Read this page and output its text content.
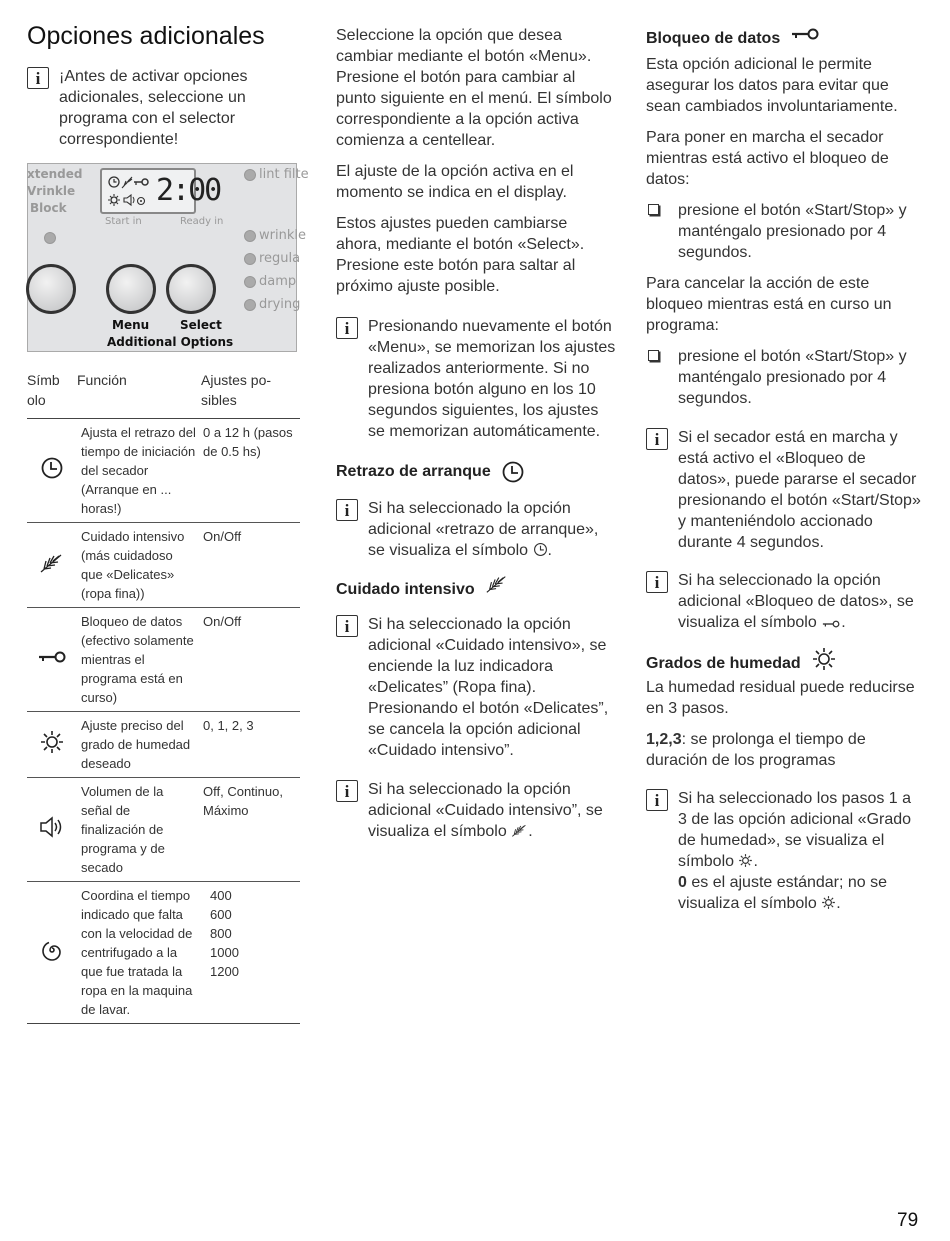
Opciones adicionales
i	¡Antes de activar opciones adicionales, seleccione un programa con el selector correspondiente!
xtended
Vrinkle
Block	2:00
Start in	Ready in
lint filte
wrinkle
regula
damp
drying
Menu	Select
Additional Options
Símb olo	Función	Ajustes po- sibles
	Ajusta el retrazo del tiempo de iniciación del secador (Arranque en ... horas!)	0 a 12 h (pasos de 0.5 hs)
	Cuidado intensivo (más cuidadoso que «Delicates» (ropa fina))	On/Off
	Bloqueo de datos (efectivo solamente mientras el programa está en curso)	On/Off
	Ajuste preciso del grado de humedad deseado	0, 1, 2, 3
	Volumen de la señal de finalización de programa y de secado	Off, Continuo, Máximo
	Coordina el tiempo indicado que falta con la velocidad de centrifugado a la que fue tratada la ropa en la maquina de lavar.	400
600
800
1000
1200

Seleccione la opción que desea cambiar mediante el botón «Menu». Presione el botón para cambiar al punto siguiente en el menú. El símbolo correspondiente a la opción activa comienza a centellear.

El ajuste de la opción activa en el momento se indica en el display.

Estos ajustes pueden cambiarse ahora, mediante el botón «Select». Presione este botón para saltar al próximo ajuste posible.

i	Presionando nuevamente el botón «Menu», se memorizan los ajustes realizados anteriormente. Si no presiona botón alguno en los 10 segundos siguientes, los ajustes se memorizan automáticamente.
Retrazo de arranque
i	Si ha seleccionado la opción adicional «retrazo de arranque», se visualiza el símbolo .
Cuidado intensivo
i	Si ha seleccionado la opción adicional «Cuidado intensivo», se enciende la luz indicadora «Delicates” (Ropa fina). Presionando el botón «Delicates”, se cancela la opción adicional «Cuidado intensivo”.
i	Si ha seleccionado la opción adicional «Cuidado intensivo”, se visualiza el símbolo .
Bloqueo de datos

Esta opción adicional le permite asegurar los datos para evitar que sean cambiados involuntariamente.

Para poner en marcha el secador mientras está activo el bloqueo de datos:

presione el botón «Start/Stop» y manténgalo presionado por 4 segundos.

Para cancelar la acción de este bloqueo mientras está en curso un programa:

presione el botón «Start/Stop» y manténgalo presionado por 4 segundos.
i	Si el secador está en marcha y está activo el «Bloqueo de datos», puede pararse el secador presionando el botón «Start/Stop» y manteniéndolo accionado durante 4 segundos.
i	Si ha seleccionado la opción adicional «Bloqueo de datos», se visualiza el símbolo .
Grados de humedad

La humedad residual puede reducirse en 3 pasos.

1,2,3: se prolonga el tiempo de duración de los programas

i	Si ha seleccionado los pasos 1 a 3 de las opción adicional «Grado de humedad», se visualiza el símbolo .
0 es el ajuste estándar; no se visualiza el símbolo .
79
